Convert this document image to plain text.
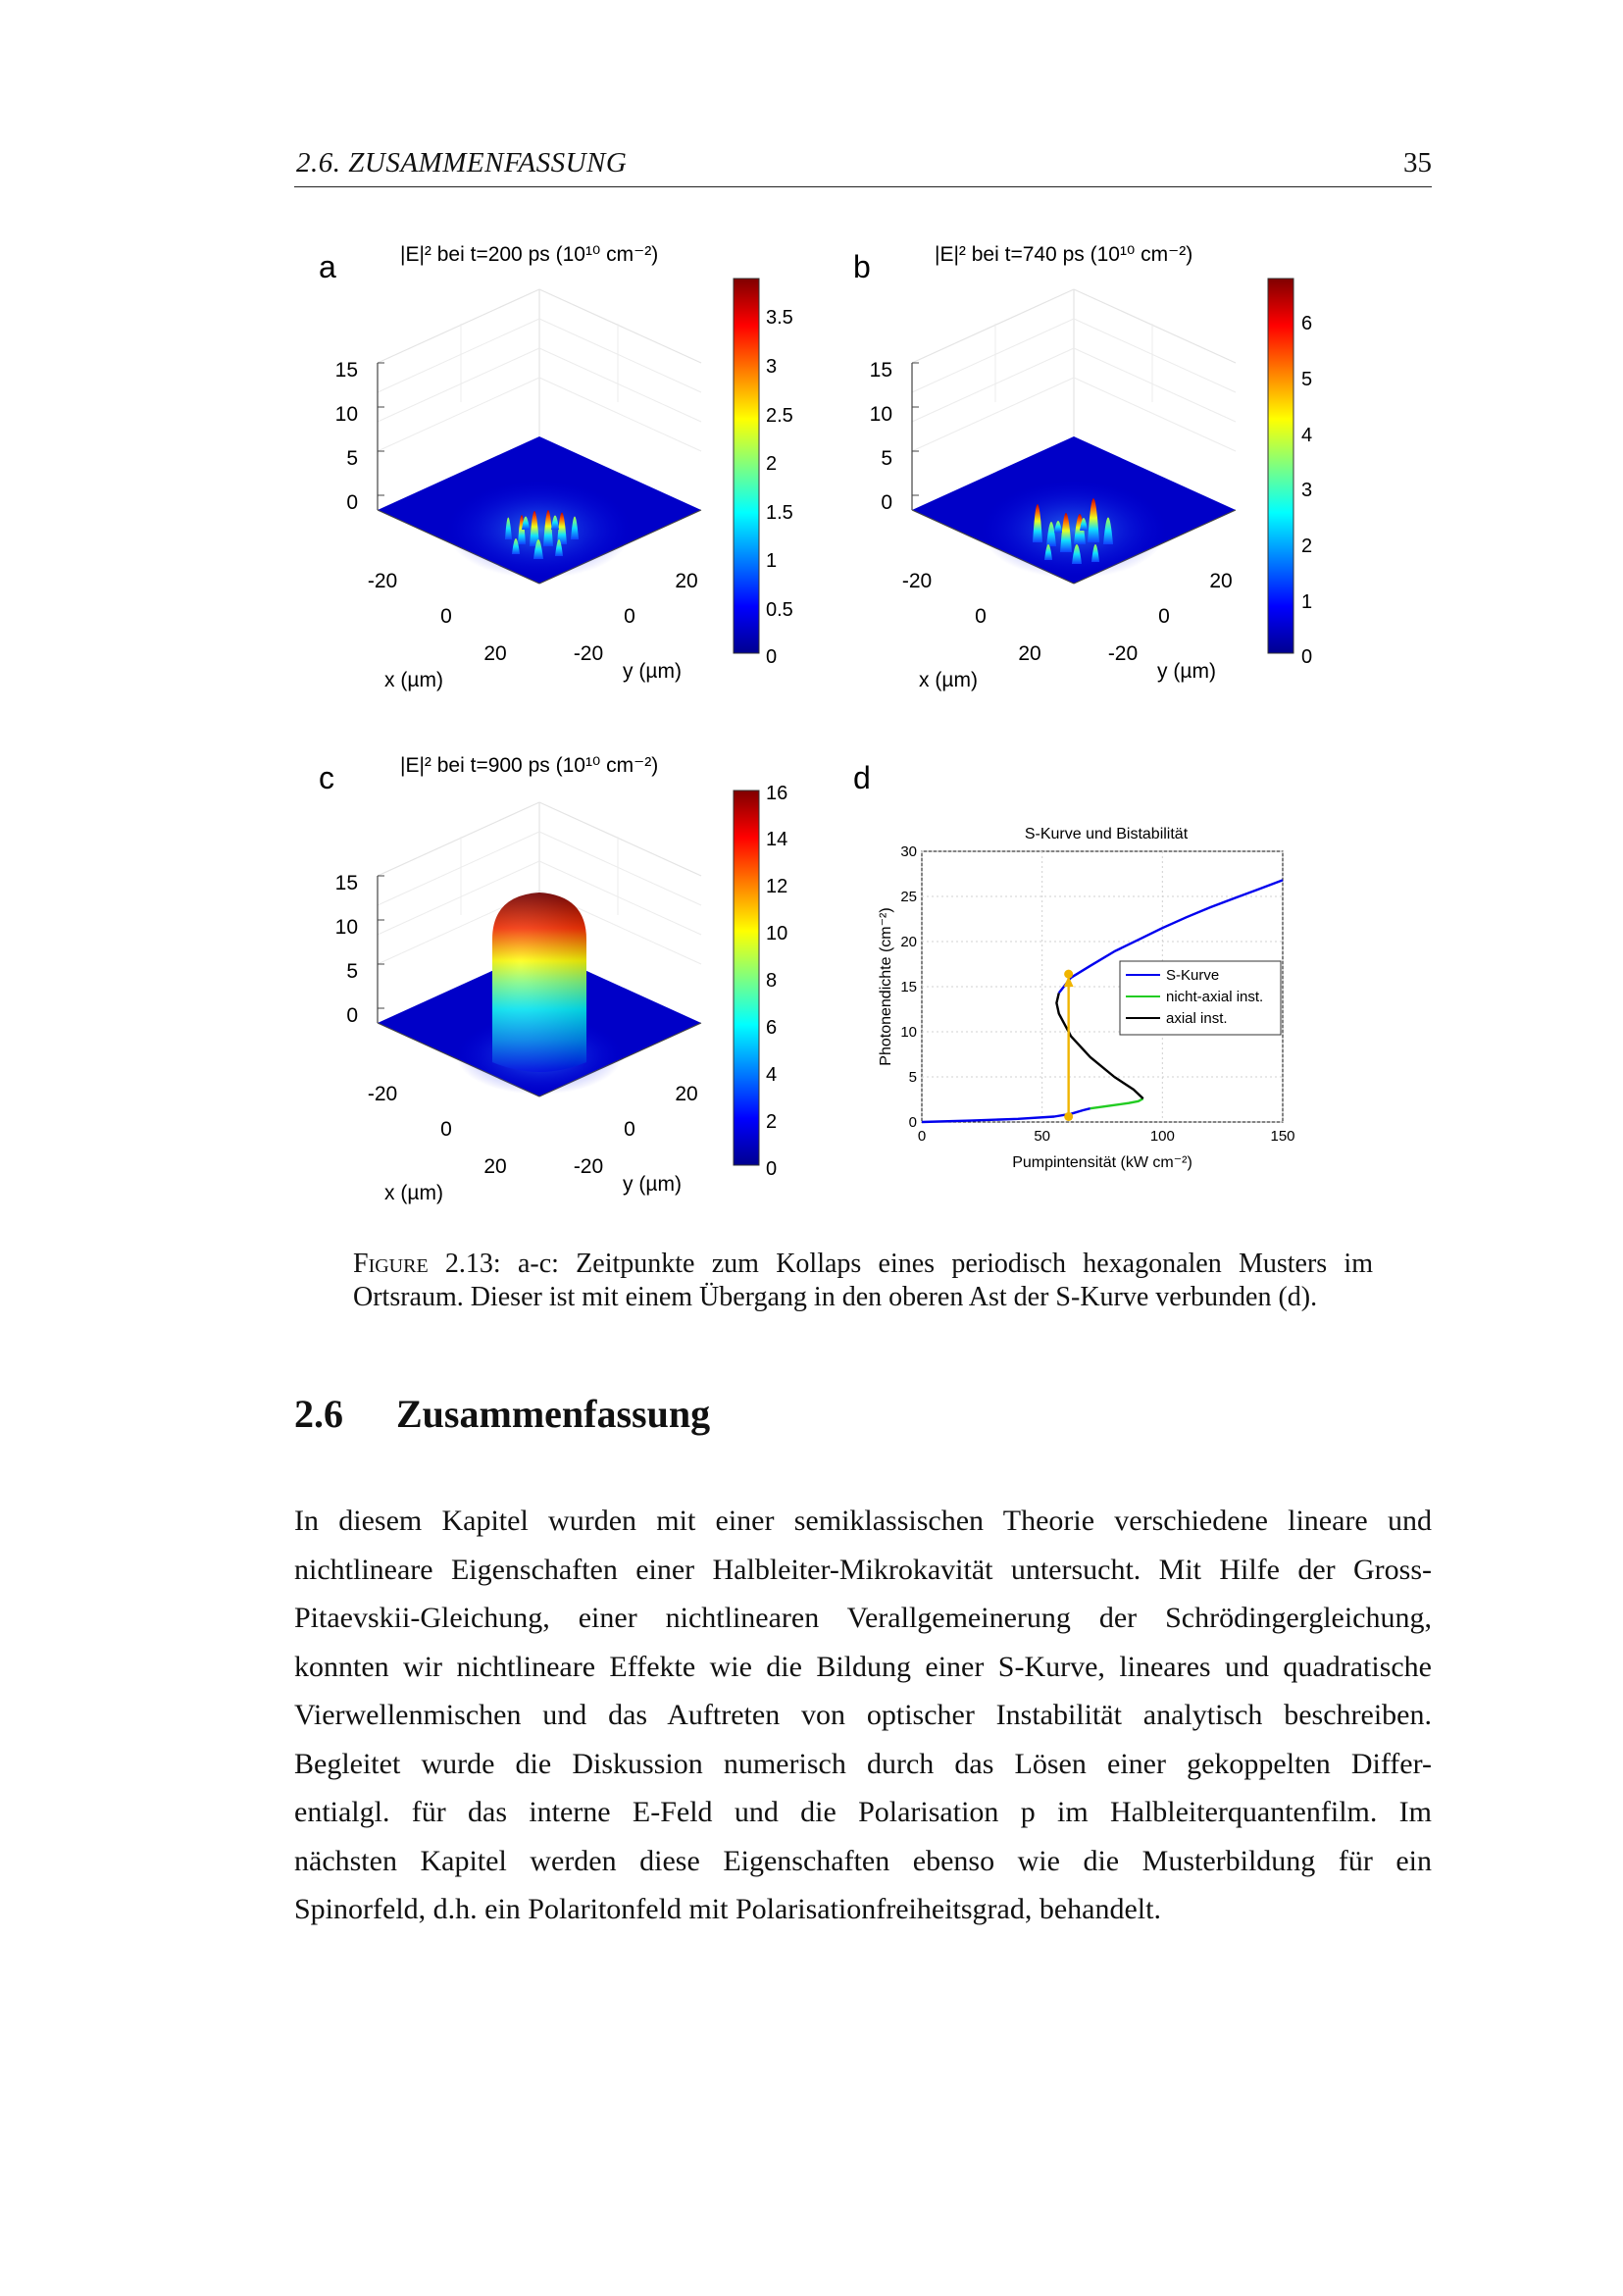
2.6. ZUSAMMENFASSUNG	35
a	|E|² bei t=200 ps (10¹⁰ cm⁻²)
15
10
5
0
-20
0
20
20
0
-20
x (µm)	y (µm)
3.5
3
2.5
2
1.5
1
0.5
0
b	|E|² bei t=740 ps (10¹⁰ cm⁻²)
15
10
5
0
-20
0
20
20
0
-20
x (µm)	y (µm)
6
5
4
3
2
1
0
c	|E|² bei t=900 ps (10¹⁰ cm⁻²)
15
10
5
0
-20
0
20
20
0
-20
x (µm)	y (µm)
16
14
12
10
8
6
4
2
0
d
S-Kurve und Bistabilität
0	50	100	150
0
5
10
15
20
25
30
Pumpintensität (kW cm⁻²)
Photonendichte (cm⁻²)	S-Kurve
nicht-axial inst.
axial inst.
Figure 2.13: a-c: Zeitpunkte zum Kollaps eines periodisch hexagonalen Musters im Ortsraum. Dieser ist mit einem Übergang in den oberen Ast der S-Kurve verbunden (d).
2.6 Zusammenfassung
In diesem Kapitel wurden mit einer semiklassischen Theorie verschiedene lineare und
nichtlineare Eigenschaften einer Halbleiter-Mikrokavität untersucht. Mit Hilfe der Gross-
Pitaevskii-Gleichung, einer nichtlinearen Verallgemeinerung der Schrödingergleichung,
konnten wir nichtlineare Effekte wie die Bildung einer S-Kurve, lineares und quadratische
Vierwellenmischen und das Auftreten von optischer Instabilität analytisch beschreiben.
Begleitet wurde die Diskussion numerisch durch das Lösen einer gekoppelten Differ-
entialgl. für das interne E-Feld und die Polarisation p im Halbleiterquantenfilm. Im
nächsten Kapitel werden diese Eigenschaften ebenso wie die Musterbildung für ein
Spinorfeld, d.h. ein Polaritonfeld mit Polarisationfreiheitsgrad, behandelt.
